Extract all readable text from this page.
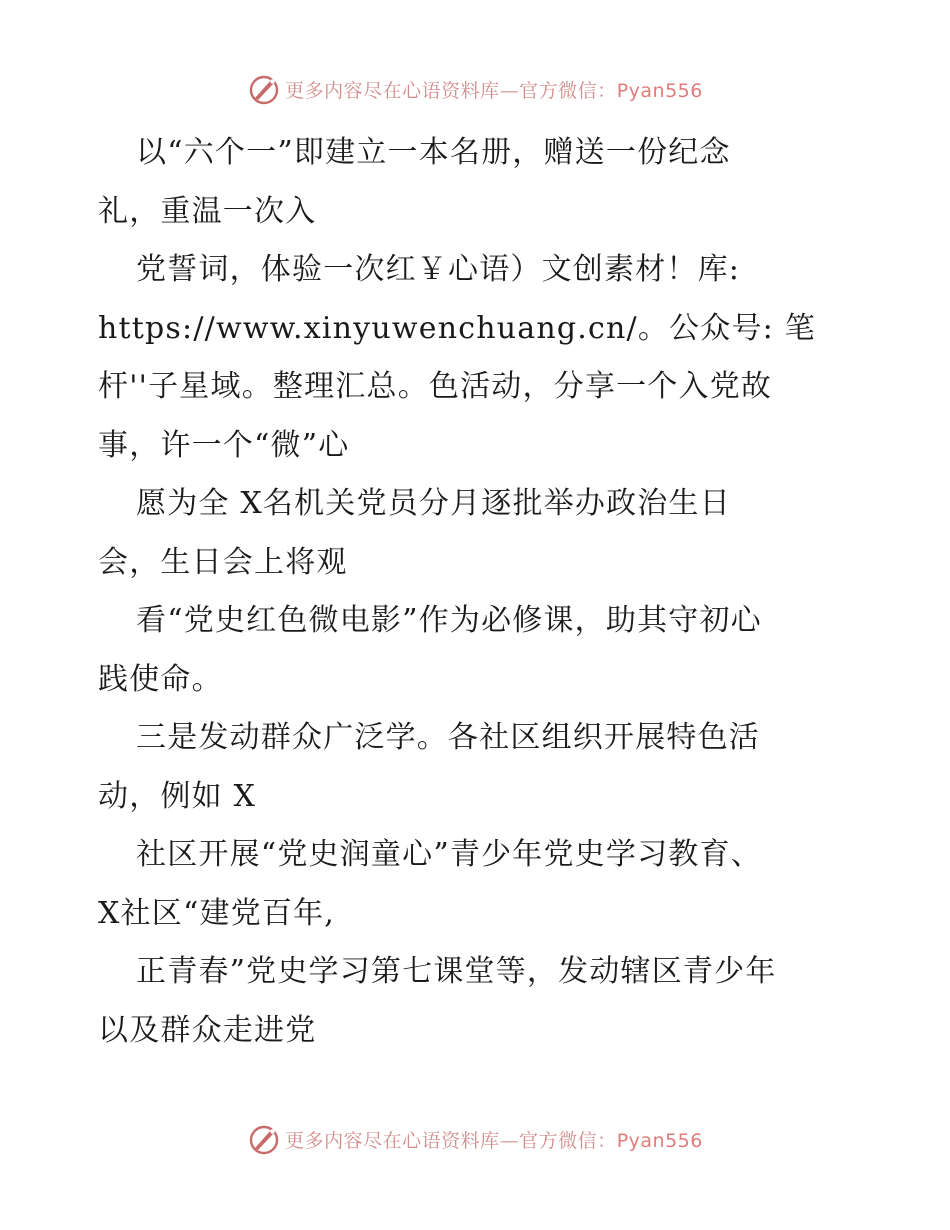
更多内容尽在心语资料库—官方微信：Pyan556
以“六个一”即建立一本名册，赠送一份纪念
礼，重温一次入
党誓词，体验一次红￥心语）文创素材！库:
https://www.xinyuwenchuang.cn/。公众号: 笔
杆''子星域。整理汇总。色活动，分享一个入党故
事，许一个“微”心
愿为全 X名机关党员分月逐批举办政治生日
会，生日会上将观
看“党史红色微电影”作为必修课，助其守初心
践使命。
三是发动群众广泛学。各社区组织开展特色活
动，例如 X
社区开展“党史润童心”青少年党史学习教育、
X社区“建党百年,
正青春”党史学习第七课堂等，发动辖区青少年
以及群众走进党
更多内容尽在心语资料库—官方微信：Pyan556
